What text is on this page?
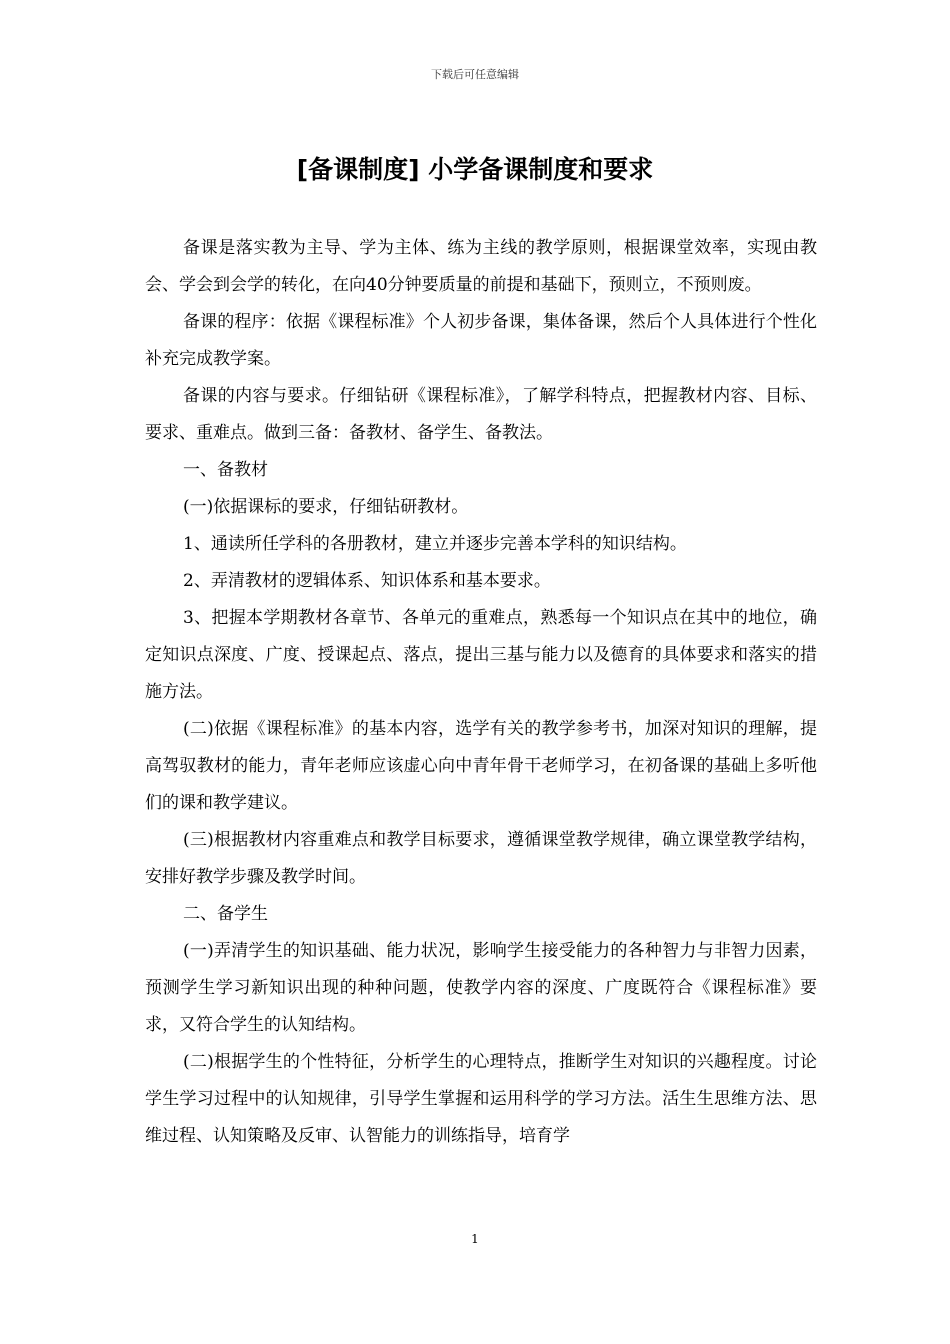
下载后可任意编辑
[备课制度] 小学备课制度和要求

备课是落实教为主导、学为主体、练为主线的教学原则，根据课堂效率，实现由教会、学会到会学的转化，在向40分钟要质量的前提和基础下，预则立，不预则废。

备课的程序：依据《课程标准》个人初步备课，集体备课，然后个人具体进行个性化补充完成教学案。

备课的内容与要求。仔细钻研《课程标准》，了解学科特点，把握教材内容、目标、要求、重难点。做到三备：备教材、备学生、备教法。

一、备教材

(一)依据课标的要求，仔细钻研教材。

1、通读所任学科的各册教材，建立并逐步完善本学科的知识结构。

2、弄清教材的逻辑体系、知识体系和基本要求。

3、把握本学期教材各章节、各单元的重难点，熟悉每一个知识点在其中的地位，确定知识点深度、广度、授课起点、落点，提出三基与能力以及德育的具体要求和落实的措施方法。

(二)依据《课程标准》的基本内容，选学有关的教学参考书，加深对知识的理解，提高驾驭教材的能力，青年老师应该虚心向中青年骨干老师学习，在初备课的基础上多听他们的课和教学建议。

(三)根据教材内容重难点和教学目标要求，遵循课堂教学规律，确立课堂教学结构，安排好教学步骤及教学时间。

二、备学生

(一)弄清学生的知识基础、能力状况，影响学生接受能力的各种智力与非智力因素，预测学生学习新知识出现的种种问题，使教学内容的深度、广度既符合《课程标准》要求，又符合学生的认知结构。

(二)根据学生的个性特征，分析学生的心理特点，推断学生对知识的兴趣程度。讨论学生学习过程中的认知规律，引导学生掌握和运用科学的学习方法。活生生思维方法、思维过程、认知策略及反审、认智能力的训练指导，培育学

1
